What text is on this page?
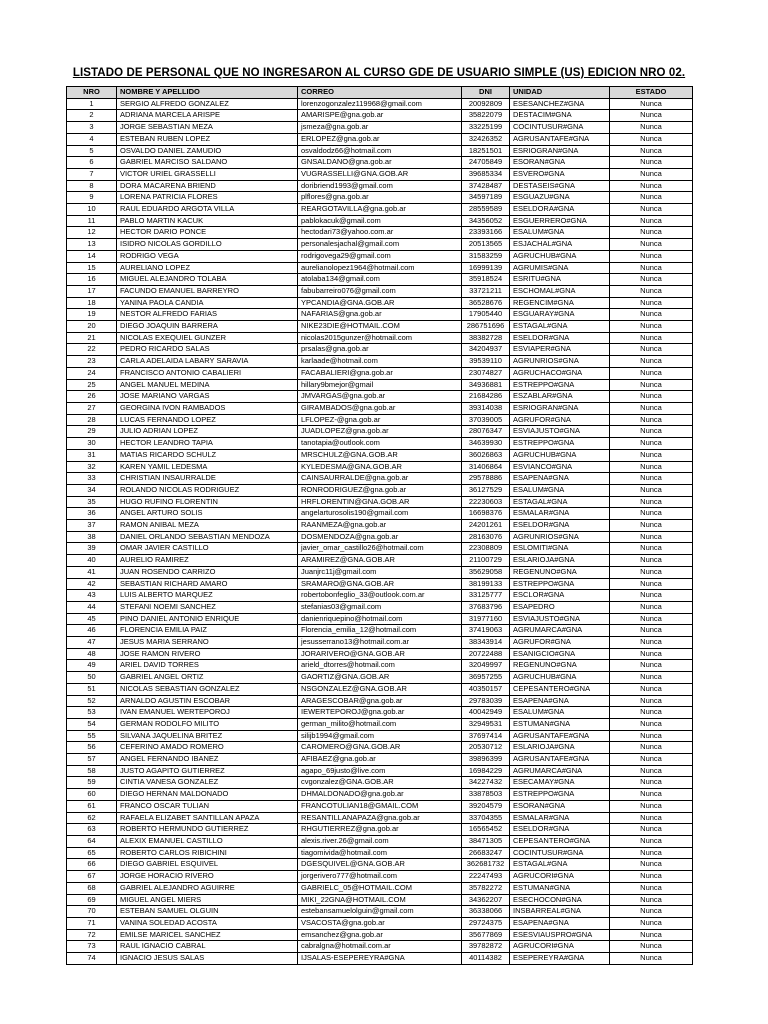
LISTADO DE PERSONAL QUE NO INGRESARON AL CURSO GDE DE USUARIO SIMPLE (US) EDICION NRO 02.
NRO	NOMBRE Y APELLIDO	CORREO	DNI	UNIDAD	ESTADO
1	SERGIO ALFREDO GONZALEZ	lorenzogonzalez119968@gmail.com	20092809	ESESANCHEZ#GNA	Nunca
2	ADRIANA MARCELA ARISPE	AMARISPE@gna.gob.ar	35822079	DESTACIM#GNA	Nunca
3	JORGE SEBASTIAN MEZA	jsmeza@gna.gob.ar	33225199	COCINTUSUR#GNA	Nunca
4	ESTEBAN RUBEN LOPEZ	ERLOPEZ@gna.gob.ar	32426352	AGRUSANTAFE#GNA	Nunca
5	OSVALDO DANIEL ZAMUDIO	osvaldodz66@hotmail.com	18251501	ESRIOGRAN#GNA	Nunca
6	GABRIEL MARCISO SALDANO	GNSALDANO@gna.gob.ar	24705849	ESORAN#GNA	Nunca
7	VICTOR URIEL GRASSELLI	VUGRASSELLI@GNA.GOB.AR	39685334	ESVERO#GNA	Nunca
8	DORA MACARENA BRIEND	doribriend1993@gmail.com	37428487	DESTASEIS#GNA	Nunca
9	LORENA PATRICIA FLORES	plflores@gna.gob.ar	34597189	ESGUAZU#GNA	Nunca
10	RAUL EDUARDO ARGOTA VILLA	REARGOTAVILLA@gna.gob.ar	28559589	ESELDORA#GNA	Nunca
11	PABLO MARTIN KACUK	pablokacuk@gmail.com	34356052	ESGUERRERO#GNA	Nunca
12	HECTOR DARIO PONCE	hectodari73@yahoo.com.ar	23393166	ESALUM#GNA	Nunca
13	ISIDRO NICOLAS GORDILLO	personalesjachal@gmail.com	20513565	ESJACHAL#GNA	Nunca
14	RODRIGO VEGA	rodrigovega29@gmail.com	31583259	AGRUCHUB#GNA	Nunca
15	AURELIANO LOPEZ	aurelianolopez1964@hotmail.com	16999139	AGRUMIS#GNA	Nunca
16	MIGUEL ALEJANDRO TOLABA	atolaba134@gmail.com	35918524	ESRITU#GNA	Nunca
17	FACUNDO EMANUEL BARREYRO	fabubarreiro076@gmail.com	33721211	ESCHOMAL#GNA	Nunca
18	YANINA PAOLA CANDIA	YPCANDIA@GNA.GOB.AR	36528676	REGENCIM#GNA	Nunca
19	NESTOR ALFREDO FARIAS	NAFARIAS@gna.gob.ar	17905440	ESGUARAY#GNA	Nunca
20	DIEGO JOAQUIN BARRERA	NIKE23DIE@HOTMAIL.COM	286751696	ESTAGAL#GNA	Nunca
21	NICOLAS EXEQUIEL GUNZER	nicolas2015gunzer@hotmail.com	38382728	ESELDOR#GNA	Nunca
22	PEDRO RICARDO SALAS	prsalas@gna.gob.ar	34204937	ESVIAPER#GNA	Nunca
23	CARLA ADELAIDA LABARY SARAVIA	karlaade@hotmail.com	39539110	AGRUNRIOS#GNA	Nunca
24	FRANCISCO ANTONIO CABALIERI	FACABALIERI@gna.gob.ar	23074827	AGRUCHACO#GNA	Nunca
25	ANGEL MANUEL MEDINA	hillary9bmejor@gmail	34936881	ESTREPPO#GNA	Nunca
26	JOSE MARIANO VARGAS	JMVARGAS@gna.gob.ar	21684286	ESZABLAR#GNA	Nunca
27	GEORGINA IVON RAMBADOS	GIRAMBADOS@gna.gob.ar	39314038	ESRIOGRAN#GNA	Nunca
28	LUCAS FERNANDO LOPEZ	LFLOPEZ-@gna.gob.ar	37039005	AGRUFOR#GNA	Nunca
29	JULIO ADRIAN LOPEZ	JUADLOPEZ@gna.gob.ar	28076347	ESVIAJUSTO#GNA	Nunca
30	HECTOR LEANDRO TAPIA	tanotapia@outlook.com	34639930	ESTREPPO#GNA	Nunca
31	MATIAS RICARDO SCHULZ	MRSCHULZ@GNA.GOB.AR	36026863	AGRUCHUB#GNA	Nunca
32	KAREN YAMIL LEDESMA	KYLEDESMA@GNA.GOB.AR	31406864	ESVIANCO#GNA	Nunca
33	CHRISTIAN INSAURRALDE	CAINSAURRALDE@gna.gob.ar	29578886	ESAPENA#GNA	Nunca
34	ROLANDO NICOLAS RODRIGUEZ	RONRODRIGUEZ@gna.gob.ar	36127529	ESALUM#GNA	Nunca
35	HUGO RUFINO FLORENTIN	HRFLORENTIN@GNA.GOB.AR	22230603	ESTAGAL#GNA	Nunca
36	ANGEL ARTURO SOLIS	angelarturosolis190@gmail.com	16698376	ESMALAR#GNA	Nunca
37	RAMON ANIBAL MEZA	RAANMEZA@gna.gob.ar	24201261	ESELDOR#GNA	Nunca
38	DANIEL ORLANDO SEBASTIAN MENDOZA	DOSMENDOZA@gna.gob.ar	28163076	AGRUNRIOS#GNA	Nunca
39	OMAR JAVIER CASTILLO	javier_omar_castillo26@hotmail.com	22308809	ESLOMITI#GNA	Nunca
40	AURELIO RAMIREZ	ARAMIREZ@GNA.GOB.AR	21100729	ESLARIOJA#GNA	Nunca
41	JUAN ROSENDO CARRIZO	Juanjrc11j@gmail.com	35629058	REGENUNO#GNA	Nunca
42	SEBASTIAN RICHARD AMARO	SRAMARO@GNA.GOB.AR	38199133	ESTREPPO#GNA	Nunca
43	LUIS ALBERTO MARQUEZ	robertobonfeglio_33@outlook.com.ar	33125777	ESCLOR#GNA	Nunca
44	STEFANI NOEMI SANCHEZ	stefanias03@gmail.com	37683796	ESAPEDRO	Nunca
45	PINO DANIEL ANTONIO ENRIQUE	danienriquepino@hotmail.com	31977160	ESVIAJUSTO#GNA	Nunca
46	FLORENCIA EMILIA PAIZ	Florencia_emilia_12@hotmail.com	37419063	AGRUMARCA#GNA	Nunca
47	JESUS MARIA SERRANO	jesusserrano13@hotmail.com.ar	38343914	AGRUFOR#GNA	Nunca
48	JOSE RAMON RIVERO	JORARIVERO@GNA.GOB.AR	20722488	ESANIGCIO#GNA	Nunca
49	ARIEL DAVID TORRES	arield_dtorres@hotmail.com	32049997	REGENUNO#GNA	Nunca
50	GABRIEL ANGEL ORTIZ	GAORTIZ@GNA.GOB.AR	36957255	AGRUCHUB#GNA	Nunca
51	NICOLAS SEBASTIAN GONZALEZ	NSGONZALEZ@GNA.GOB.AR	40350157	CEPESANTERO#GNA	Nunca
52	ARNALDO AGUSTIN ESCOBAR	ARAGESCOBAR@gna.gob.ar	29783039	ESAPENA#GNA	Nunca
53	IVAN EMANUEL WERTEPOROJ	IEWERTEPOROJ@gna.gob.ar	40042949	ESALUM#GNA	Nunca
54	GERMAN RODOLFO MILITO	german_milito@hotmail.com	32949531	ESTUMAN#GNA	Nunca
55	SILVANA JAQUELINA BRITEZ	silijb1994@gmail.com	37697414	AGRUSANTAFE#GNA	Nunca
56	CEFERINO AMADO ROMERO	CAROMERO@GNA.GOB.AR	20530712	ESLARIOJA#GNA	Nunca
57	ANGEL FERNANDO IBANEZ	AFIBAEZ@gna.gob.ar	39896399	AGRUSANTAFE#GNA	Nunca
58	JUSTO AGAPITO GUTIERREZ	agapo_69justo@live.com	16984229	AGRUMARCA#GNA	Nunca
59	CINTIA VANESA GONZALEZ	cvgonzalez@GNA.GOB.AR	34227432	ESECAMAY#GNA	Nunca
60	DIEGO HERNAN MALDONADO	DHMALDONADO@gna.gob.ar	33878503	ESTREPPO#GNA	Nunca
61	FRANCO OSCAR TULIAN	FRANCOTULIAN18@GMAIL.COM	39204579	ESORAN#GNA	Nunca
62	RAFAELA ELIZABET SANTILLAN APAZA	RESANTILLANAPAZA@gna.gob.ar	33704355	ESMALAR#GNA	Nunca
63	ROBERTO HERMUNDO GUTIERREZ	RHGUTIERREZ@gna.gob.ar	16565452	ESELDOR#GNA	Nunca
64	ALEXIX EMANUEL CASTILLO	alexis.river.26@gmail.com	38471305	CEPESANTERO#GNA	Nunca
65	ROBERTO CARLOS RIBICHINI	tiagomivida@hotmail.com	26683247	COCINTUSUR#GNA	Nunca
66	DIEGO GABRIEL ESQUIVEL	DGESQUIVEL@GNA.GOB.AR	362681732	ESTAGAL#GNA	Nunca
67	JORGE HORACIO RIVERO	jorgerivero777@hotmail.com	22247493	AGRUCORI#GNA	Nunca
68	GABRIEL ALEJANDRO AGUIRRE	GABRIELC_05@HOTMAIL.COM	35782272	ESTUMAN#GNA	Nunca
69	MIGUEL ANGEL MIERS	MIKI_22GNA@HOTMAIL.COM	34362207	ESECHOCON#GNA	Nunca
70	ESTEBAN SAMUEL OLGUIN	estebansamuelolguin@gmail.com	36338066	INSBARREAL#GNA	Nunca
71	VANINA SOLEDAD ACOSTA	VSACOSTA@gna.gob.ar	29724375	ESAPENA#GNA	Nunca
72	EMILSE MARICEL SANCHEZ	emsanchez@gna.gob.ar	35677869	ESESVIAUSPRO#GNA	Nunca
73	RAUL IGNACIO CABRAL	cabralgna@hotmail.com.ar	39782872	AGRUCORI#GNA	Nunca
74	IGNACIO JESUS SALAS	IJSALAS-ESEPEREYRA#GNA	40114382	ESEPEREYRA#GNA	Nunca
